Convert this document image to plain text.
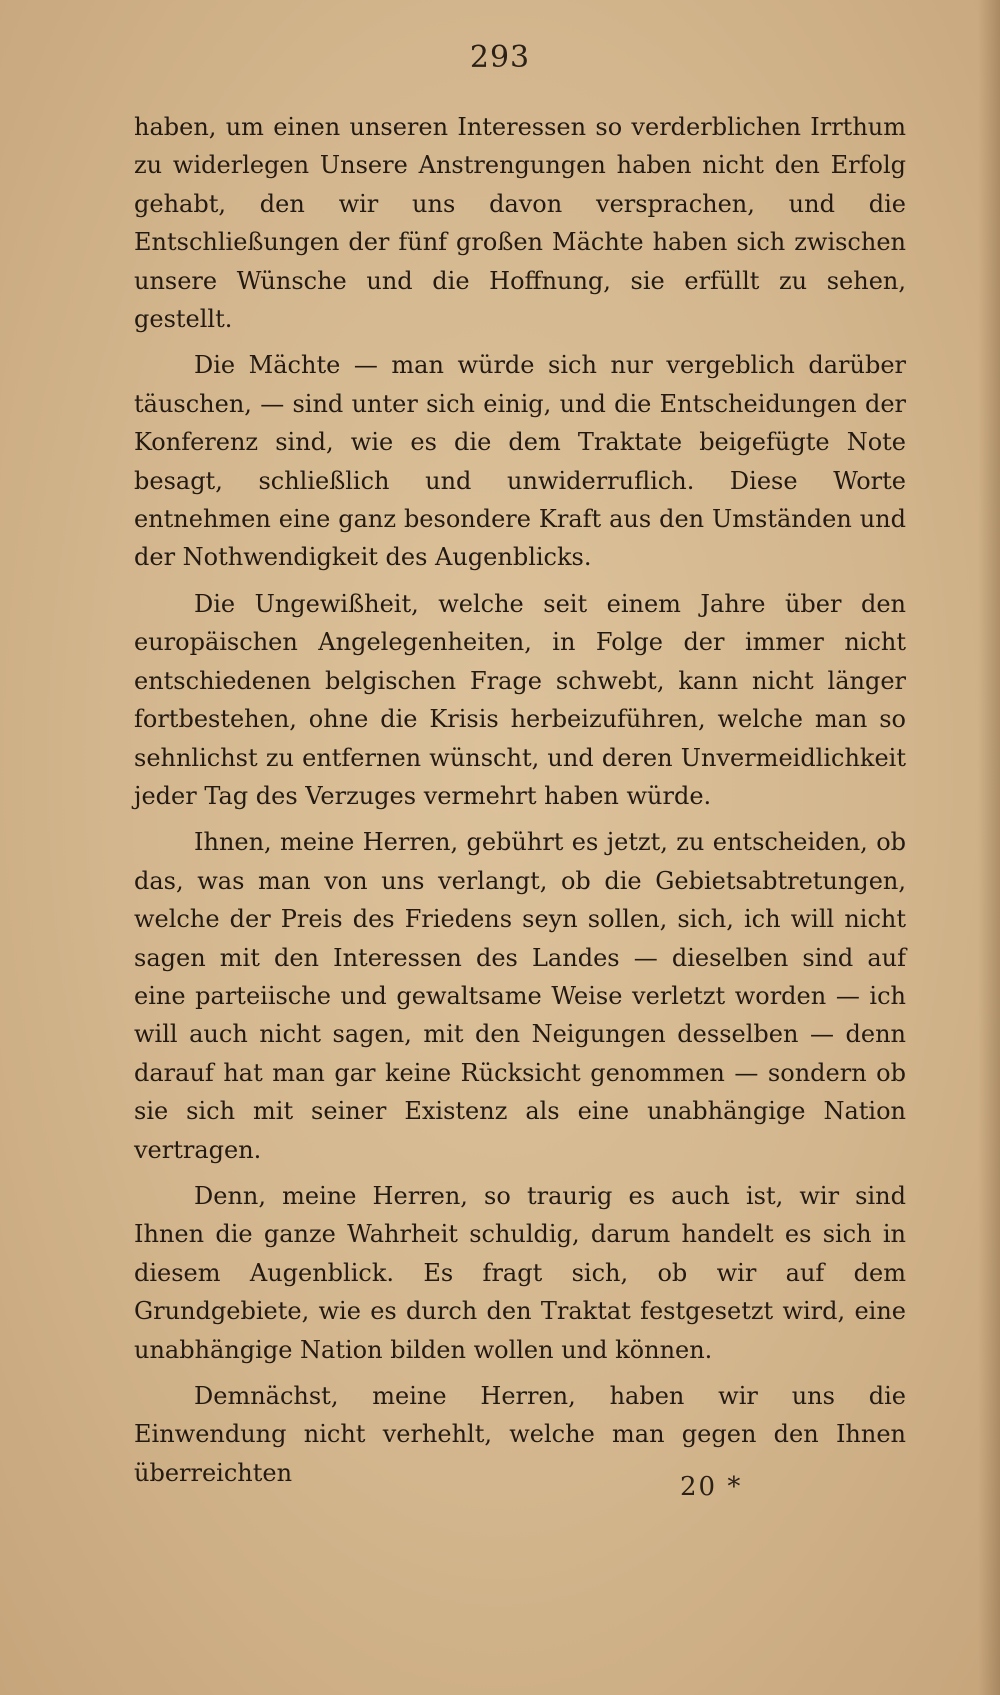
293

haben, um einen unseren Interessen so verderblichen Irrthum zu widerlegen Unsere Anstrengungen haben nicht den Erfolg gehabt, den wir uns davon versprachen, und die Entschließungen der fünf großen Mächte haben sich zwischen unsere Wünsche und die Hoffnung, sie erfüllt zu sehen, gestellt.

Die Mächte — man würde sich nur vergeblich darüber täuschen, — sind unter sich einig, und die Entscheidungen der Konferenz sind, wie es die dem Traktate beigefügte Note besagt, schließlich und unwiderruflich. Diese Worte entnehmen eine ganz besondere Kraft aus den Umständen und der Nothwendigkeit des Augenblicks.

Die Ungewißheit, welche seit einem Jahre über den europäischen Angelegenheiten, in Folge der immer nicht entschiedenen belgischen Frage schwebt, kann nicht länger fortbestehen, ohne die Krisis herbeizuführen, welche man so sehnlichst zu entfernen wünscht, und deren Unvermeidlichkeit jeder Tag des Verzuges vermehrt haben würde.

Ihnen, meine Herren, gebührt es jetzt, zu entscheiden, ob das, was man von uns verlangt, ob die Gebietsabtretungen, welche der Preis des Friedens seyn sollen, sich, ich will nicht sagen mit den Interessen des Landes — dieselben sind auf eine parteiische und gewaltsame Weise verletzt worden — ich will auch nicht sagen, mit den Neigungen desselben — denn darauf hat man gar keine Rücksicht genommen — sondern ob sie sich mit seiner Existenz als eine unabhängige Nation vertragen.

Denn, meine Herren, so traurig es auch ist, wir sind Ihnen die ganze Wahrheit schuldig, darum handelt es sich in diesem Augenblick. Es fragt sich, ob wir auf dem Grundgebiete, wie es durch den Traktat festgesetzt wird, eine unabhängige Nation bilden wollen und können.

Demnächst, meine Herren, haben wir uns die Einwendung nicht verhehlt, welche man gegen den Ihnen überreichten	20 *
